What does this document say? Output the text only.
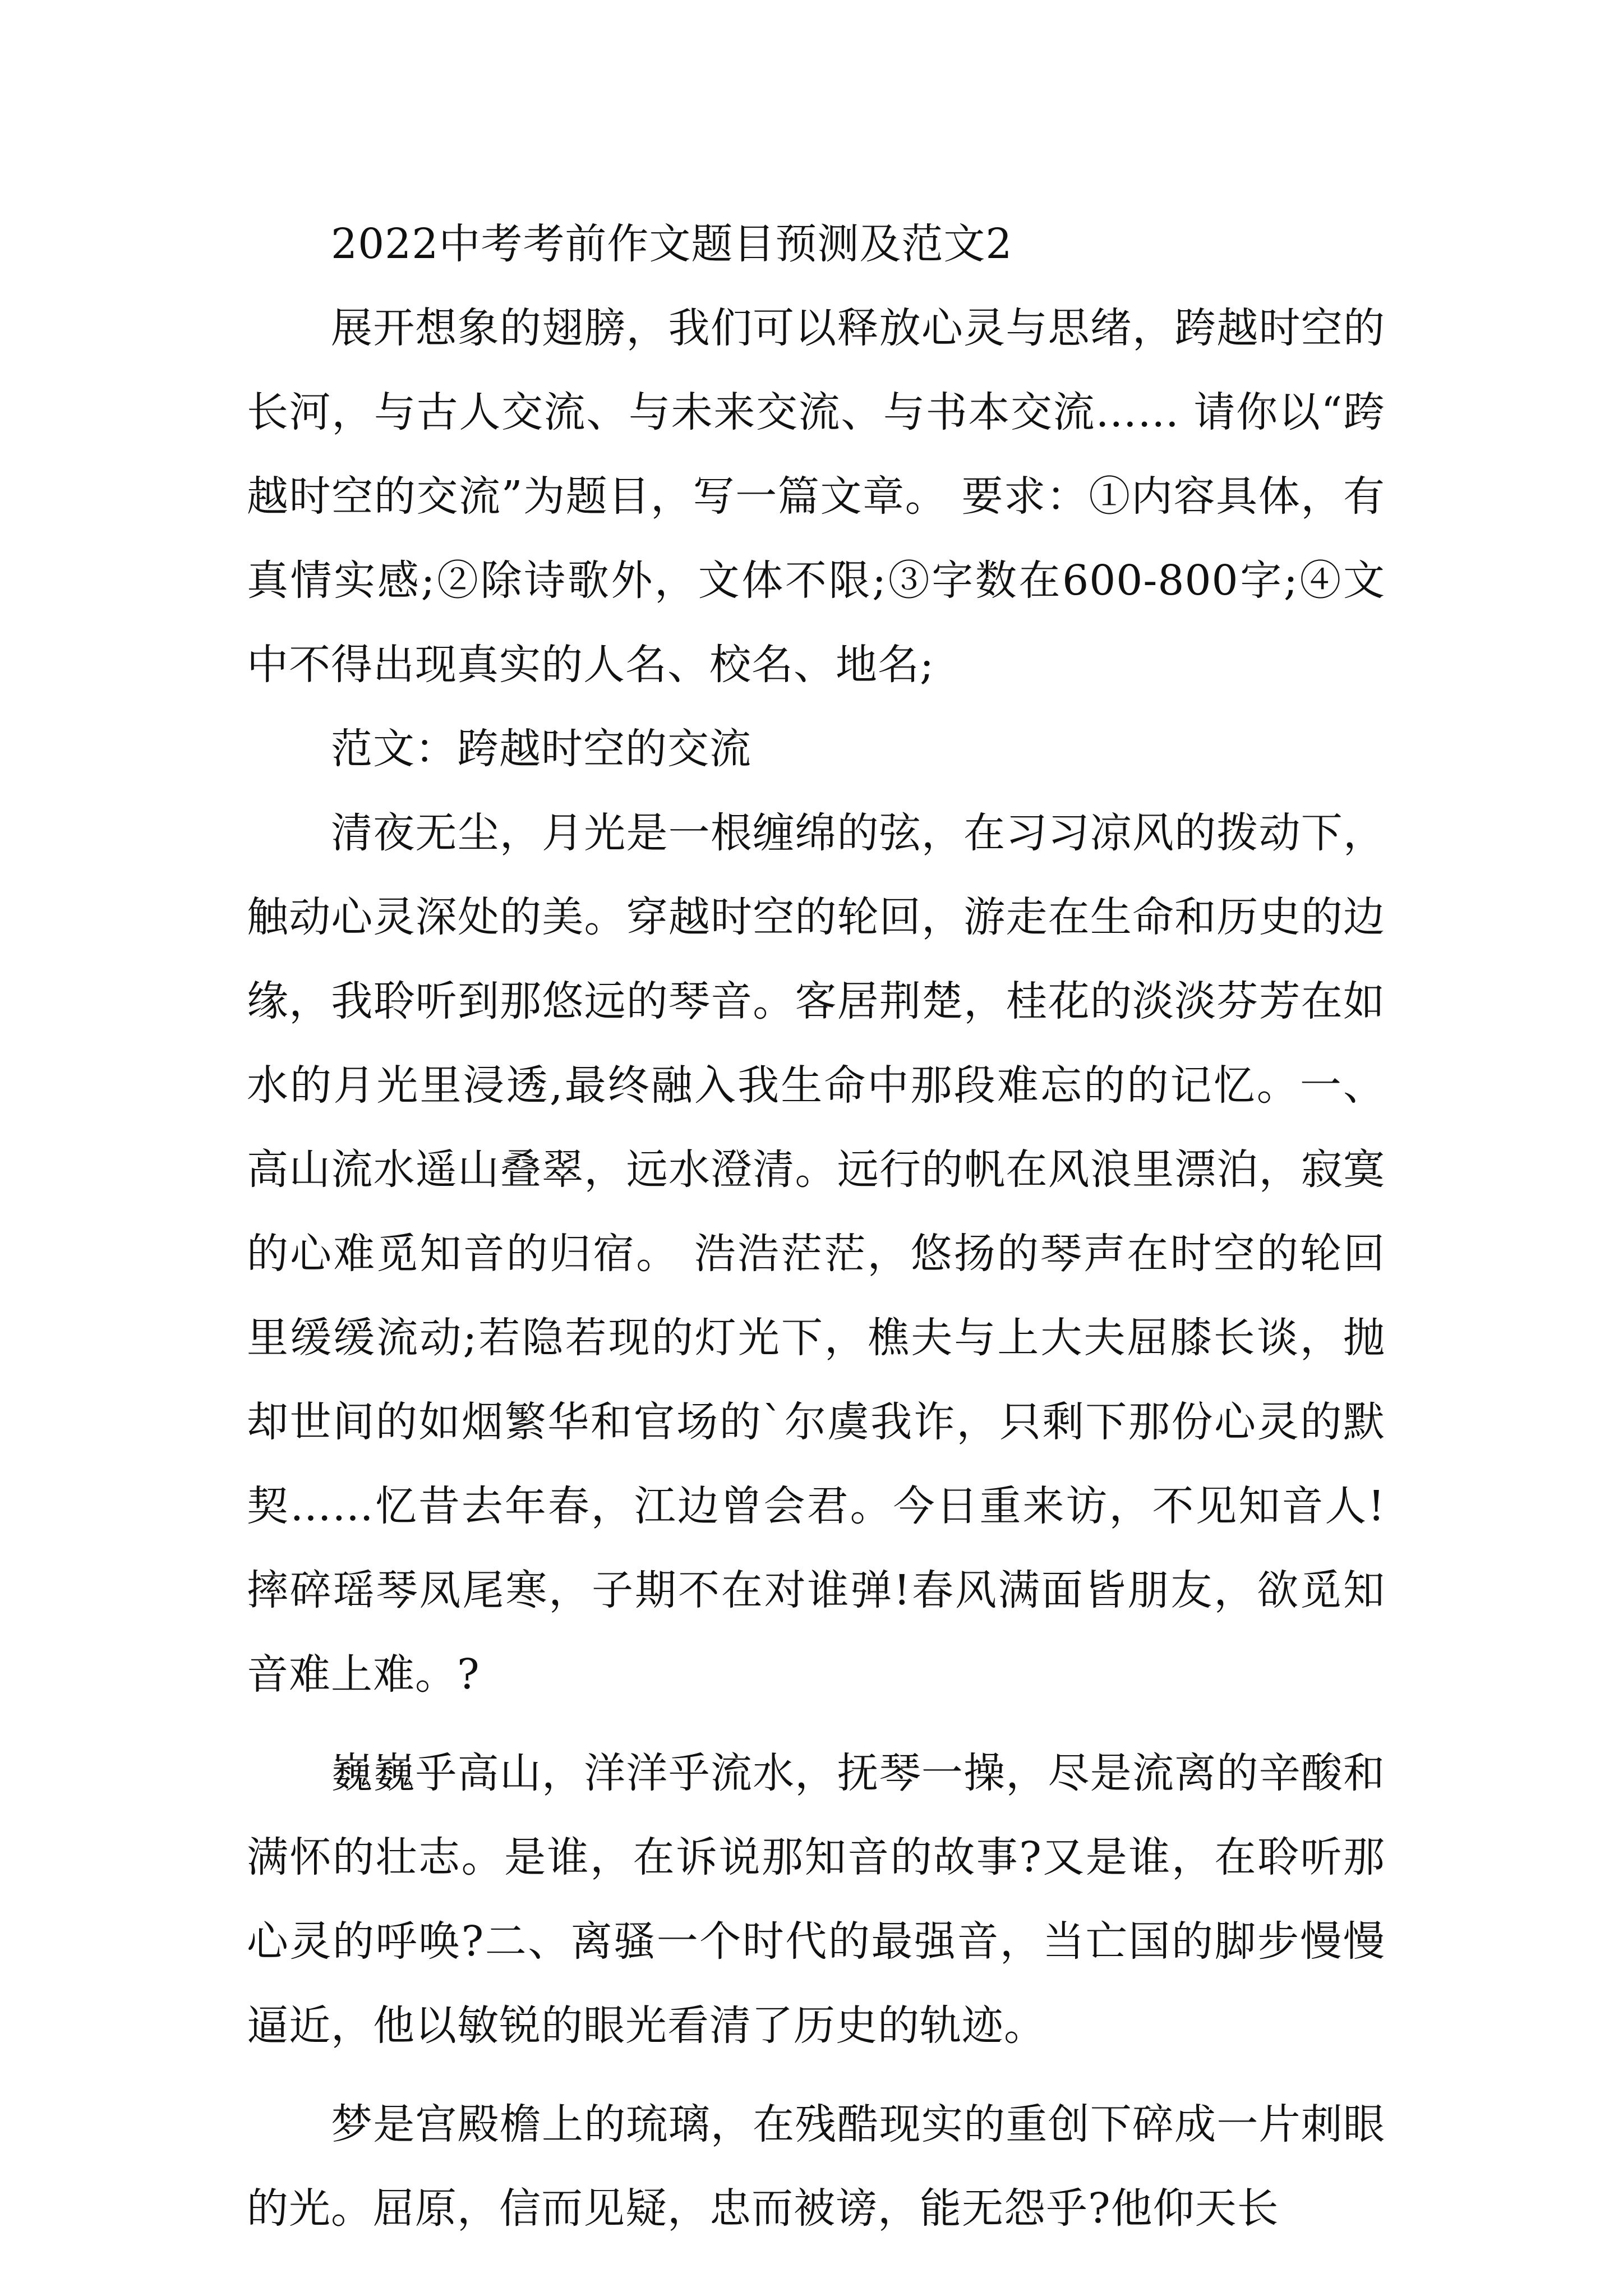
2022中考考前作文题目预测及范文2

展开想象的翅膀，我们可以释放心灵与思绪，跨越时空的长河，与古人交流、与未来交流、与书本交流…… 请你以“跨越时空的交流”为题目，写一篇文章。 要求：①内容具体，有真情实感;②除诗歌外，文体不限;③字数在600-800字;④文中不得出现真实的人名、校名、地名;

范文：跨越时空的交流

清夜无尘，月光是一根缠绵的弦，在习习凉风的拨动下，触动心灵深处的美。穿越时空的轮回，游走在生命和历史的边缘，我聆听到那悠远的琴音。客居荆楚，桂花的淡淡芬芳在如水的月光里浸透,最终融入我生命中那段难忘的的记忆。一、高山流水遥山叠翠，远水澄清。远行的帆在风浪里漂泊，寂寞的心难觅知音的归宿。 浩浩茫茫，悠扬的琴声在时空的轮回里缓缓流动;若隐若现的灯光下，樵夫与上大夫屈膝长谈，抛却世间的如烟繁华和官场的`尔虞我诈，只剩下那份心灵的默契……忆昔去年春，江边曾会君。今日重来访，不见知音人!摔碎瑶琴凤尾寒，子期不在对谁弹!春风满面皆朋友，欲觅知音难上难。?

巍巍乎高山，洋洋乎流水，抚琴一操，尽是流离的辛酸和满怀的壮志。是谁，在诉说那知音的故事?又是谁，在聆听那心灵的呼唤?二、离骚一个时代的最强音，当亡国的脚步慢慢逼近，他以敏锐的眼光看清了历史的轨迹。

梦是宫殿檐上的琉璃，在残酷现实的重创下碎成一片刺眼的光。屈原，信而见疑，忠而被谤，能无怨乎?他仰天长
